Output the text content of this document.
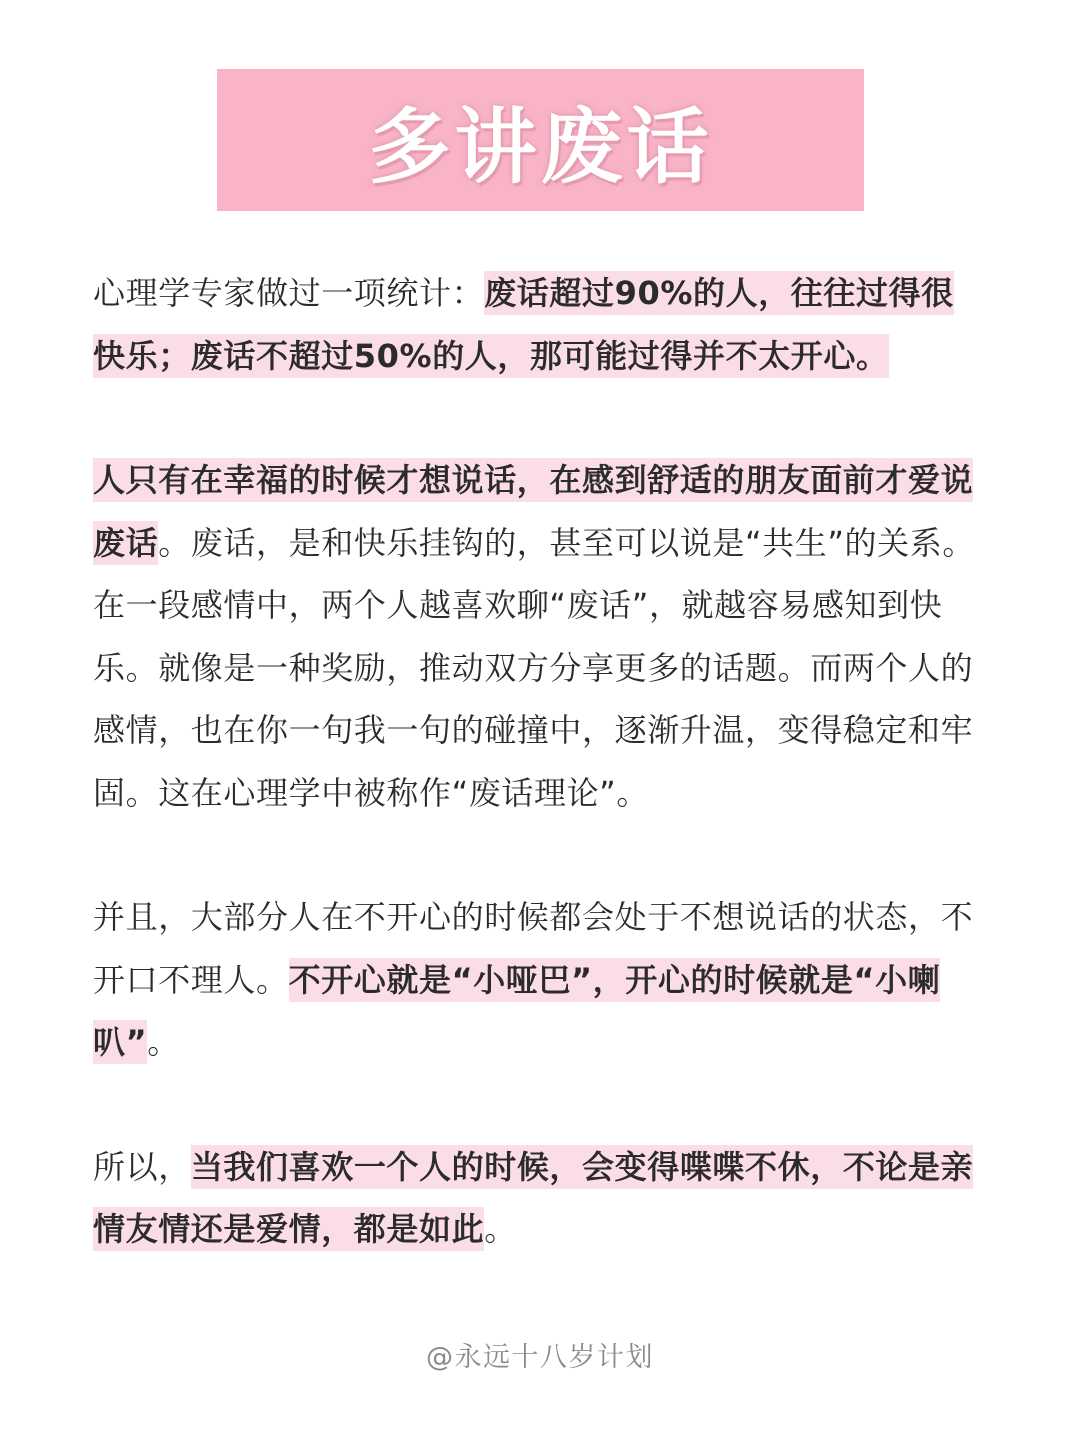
多讲废话

心理学专家做过一项统计：废话超过90%的人，往往过得很快乐；废话不超过50%的人，那可能过得并不太开心。

人只有在幸福的时候才想说话，在感到舒适的朋友面前才爱说废话。废话，是和快乐挂钩的，甚至可以说是“共生”的关系。在一段感情中，两个人越喜欢聊“废话”，就越容易感知到快乐。就像是一种奖励，推动双方分享更多的话题。而两个人的感情，也在你一句我一句的碰撞中，逐渐升温，变得稳定和牢固。这在心理学中被称作“废话理论”。

并且，大部分人在不开心的时候都会处于不想说话的状态，不开口不理人。不开心就是“小哑巴”，开心的时候就是“小喇叭”。

所以，当我们喜欢一个人的时候，会变得喋喋不休，不论是亲情友情还是爱情，都是如此。

@永远十八岁计划
